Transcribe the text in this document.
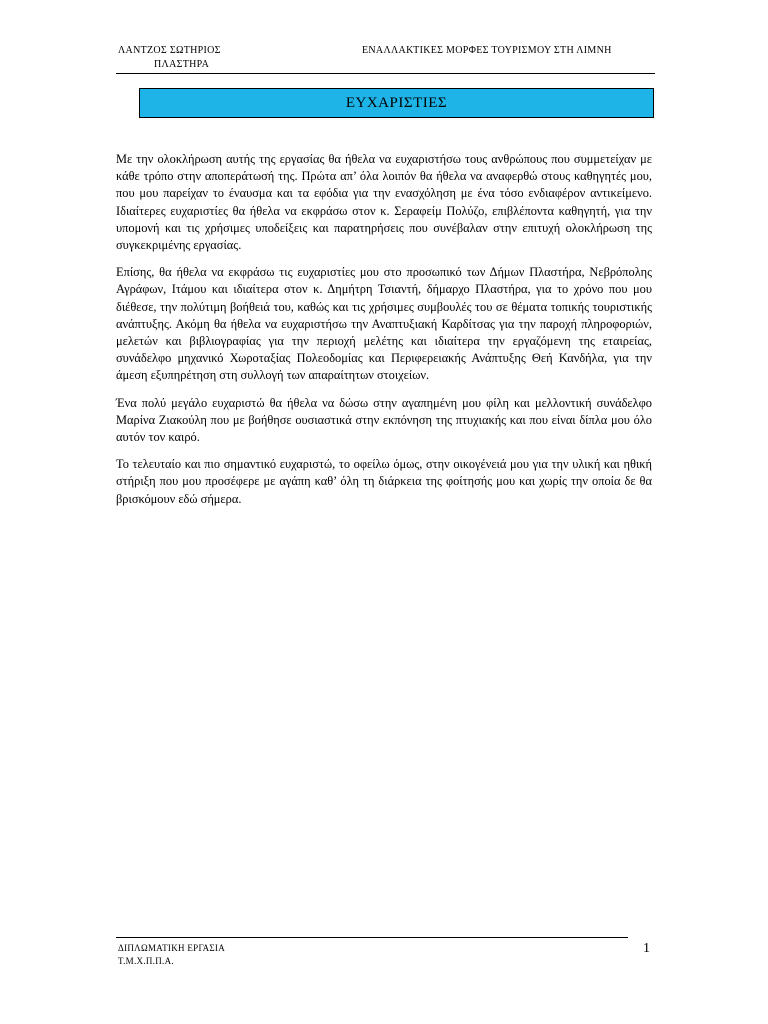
ΛΑΝΤΖΟΣ ΣΩΤΗΡΙΟΣ
ΠΛΑΣΤΗΡΑ
ΕΝΑΛΛΑΚΤΙΚΕΣ ΜΟΡΦΕΣ ΤΟΥΡΙΣΜΟΥ ΣΤΗ ΛΙΜΝΗ
ΕΥΧΑΡΙΣΤΙΕΣ

Με την ολοκλήρωση αυτής της εργασίας θα ήθελα να ευχαριστήσω τους ανθρώπους που συμμετείχαν με κάθε τρόπο στην αποπεράτωσή της. Πρώτα απ’ όλα λοιπόν θα ήθελα να αναφερθώ στους καθηγητές μου, που μου παρείχαν το έναυσμα και τα εφόδια για την ενασχόληση με ένα τόσο ενδιαφέρον αντικείμενο. Ιδιαίτερες ευχαριστίες θα ήθελα να εκφράσω στον κ. Σεραφείμ Πολύζο, επιβλέποντα καθηγητή, για την υπομονή και τις χρήσιμες υποδείξεις και παρατηρήσεις που συνέβαλαν στην επιτυχή ολοκλήρωση της συγκεκριμένης εργασίας.

Επίσης, θα ήθελα να εκφράσω τις ευχαριστίες μου στο προσωπικό των Δήμων Πλαστήρα, Νεβρόπολης Αγράφων, Ιτάμου και ιδιαίτερα στον κ. Δημήτρη Τσιαντή, δήμαρχο Πλαστήρα, για το χρόνο που μου διέθεσε, την πολύτιμη βοήθειά του, καθώς και τις χρήσιμες συμβουλές του σε θέματα τοπικής τουριστικής ανάπτυξης. Ακόμη θα ήθελα να ευχαριστήσω την Αναπτυξιακή Καρδίτσας για την παροχή πληροφοριών, μελετών και βιβλιογραφίας για την περιοχή μελέτης και ιδιαίτερα την εργαζόμενη της εταιρείας, συνάδελφο μηχανικό Χωροταξίας Πολεοδομίας και Περιφερειακής Ανάπτυξης Θεή Κανδήλα, για την άμεση εξυπηρέτηση στη συλλογή των απαραίτητων στοιχείων.

Ένα πολύ μεγάλο ευχαριστώ θα ήθελα να δώσω στην αγαπημένη μου φίλη και μελλοντική συνάδελφο Μαρίνα Ζιακούλη που με βοήθησε ουσιαστικά στην εκπόνηση της πτυχιακής και που είναι δίπλα μου όλο αυτόν τον καιρό.

Το τελευταίο και πιο σημαντικό ευχαριστώ, το οφείλω όμως, στην οικογένειά μου για την υλική και ηθική στήριξη που μου προσέφερε με αγάπη καθ’ όλη τη διάρκεια της φοίτησής μου και χωρίς την οποία δε θα βρισκόμουν εδώ σήμερα.

ΔΙΠΛΩΜΑΤΙΚΗ ΕΡΓΑΣΙΑ
Τ.Μ.Χ.Π.Π.Α.
1
